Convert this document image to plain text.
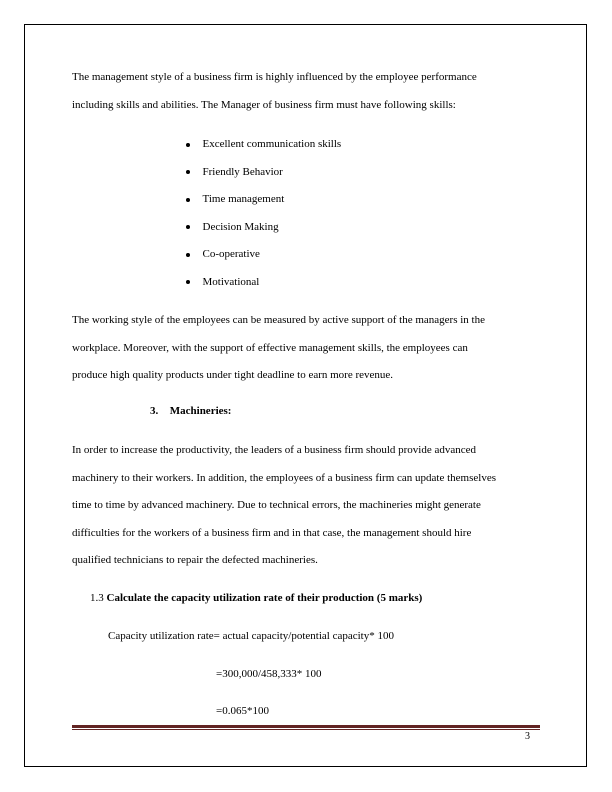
The management style of a business firm is highly influenced by the employee performance
including skills and abilities. The Manager of business firm must have following skills:

Excellent communication skills
Friendly Behavior
Time management
Decision Making
Co-operative
Motivational

The working style of the employees can be measured by active support of the managers in the
workplace. Moreover, with the support of effective management skills, the employees can
produce high quality products under tight deadline to earn more revenue.

3. Machineries:

In order to increase the productivity, the leaders of a business firm should provide advanced
machinery to their workers. In addition, the employees of a business firm can update themselves
time to time by advanced machinery. Due to technical errors, the machineries might generate
difficulties for the workers of a business firm and in that case, the management should hire
qualified technicians to repair the defected machineries.

1.3 Calculate the capacity utilization rate of their production (5 marks)
Capacity utilization rate= actual capacity/potential capacity* 100
=300,000/458,333* 100
=0.065*100
3
